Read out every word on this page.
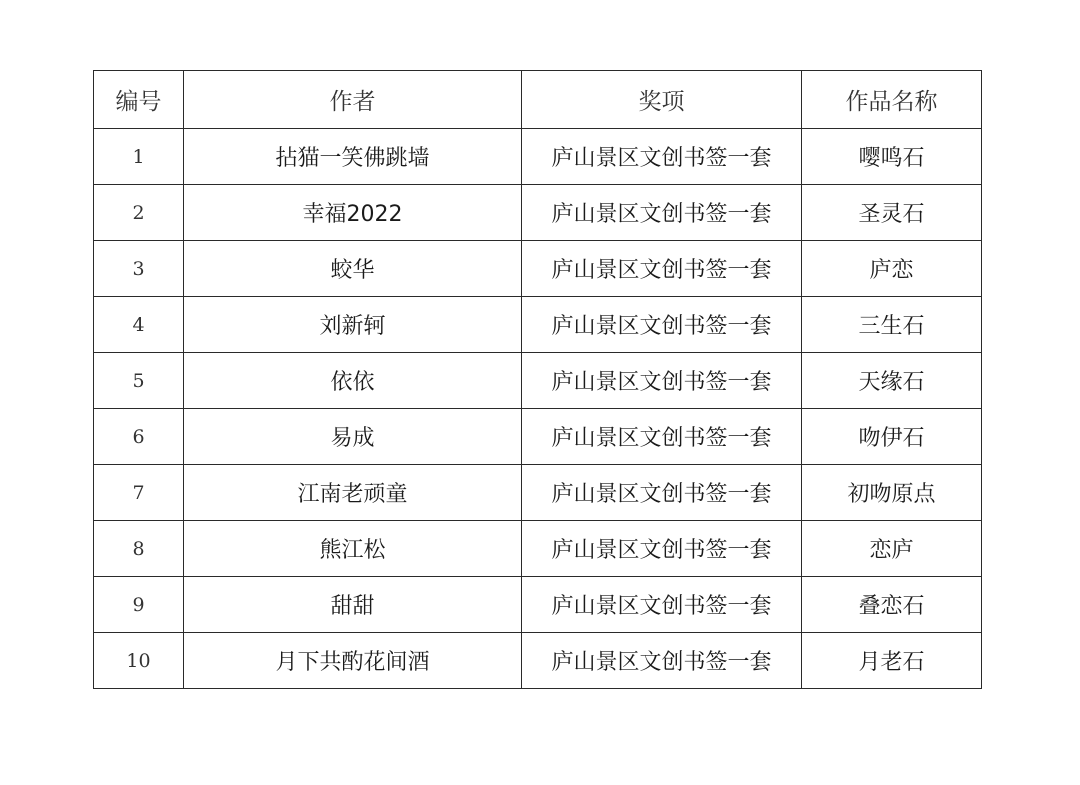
编号	作者	奖项	作品名称
1	拈猫一笑佛跳墙	庐山景区文创书签一套	嘤鸣石
2	幸福2022	庐山景区文创书签一套	圣灵石
3	蛟华	庐山景区文创书签一套	庐恋
4	刘新轲	庐山景区文创书签一套	三生石
5	依依	庐山景区文创书签一套	天缘石
6	易成	庐山景区文创书签一套	吻伊石
7	江南老顽童	庐山景区文创书签一套	初吻原点
8	熊江松	庐山景区文创书签一套	恋庐
9	甜甜	庐山景区文创书签一套	叠恋石
10	月下共酌花间酒	庐山景区文创书签一套	月老石
